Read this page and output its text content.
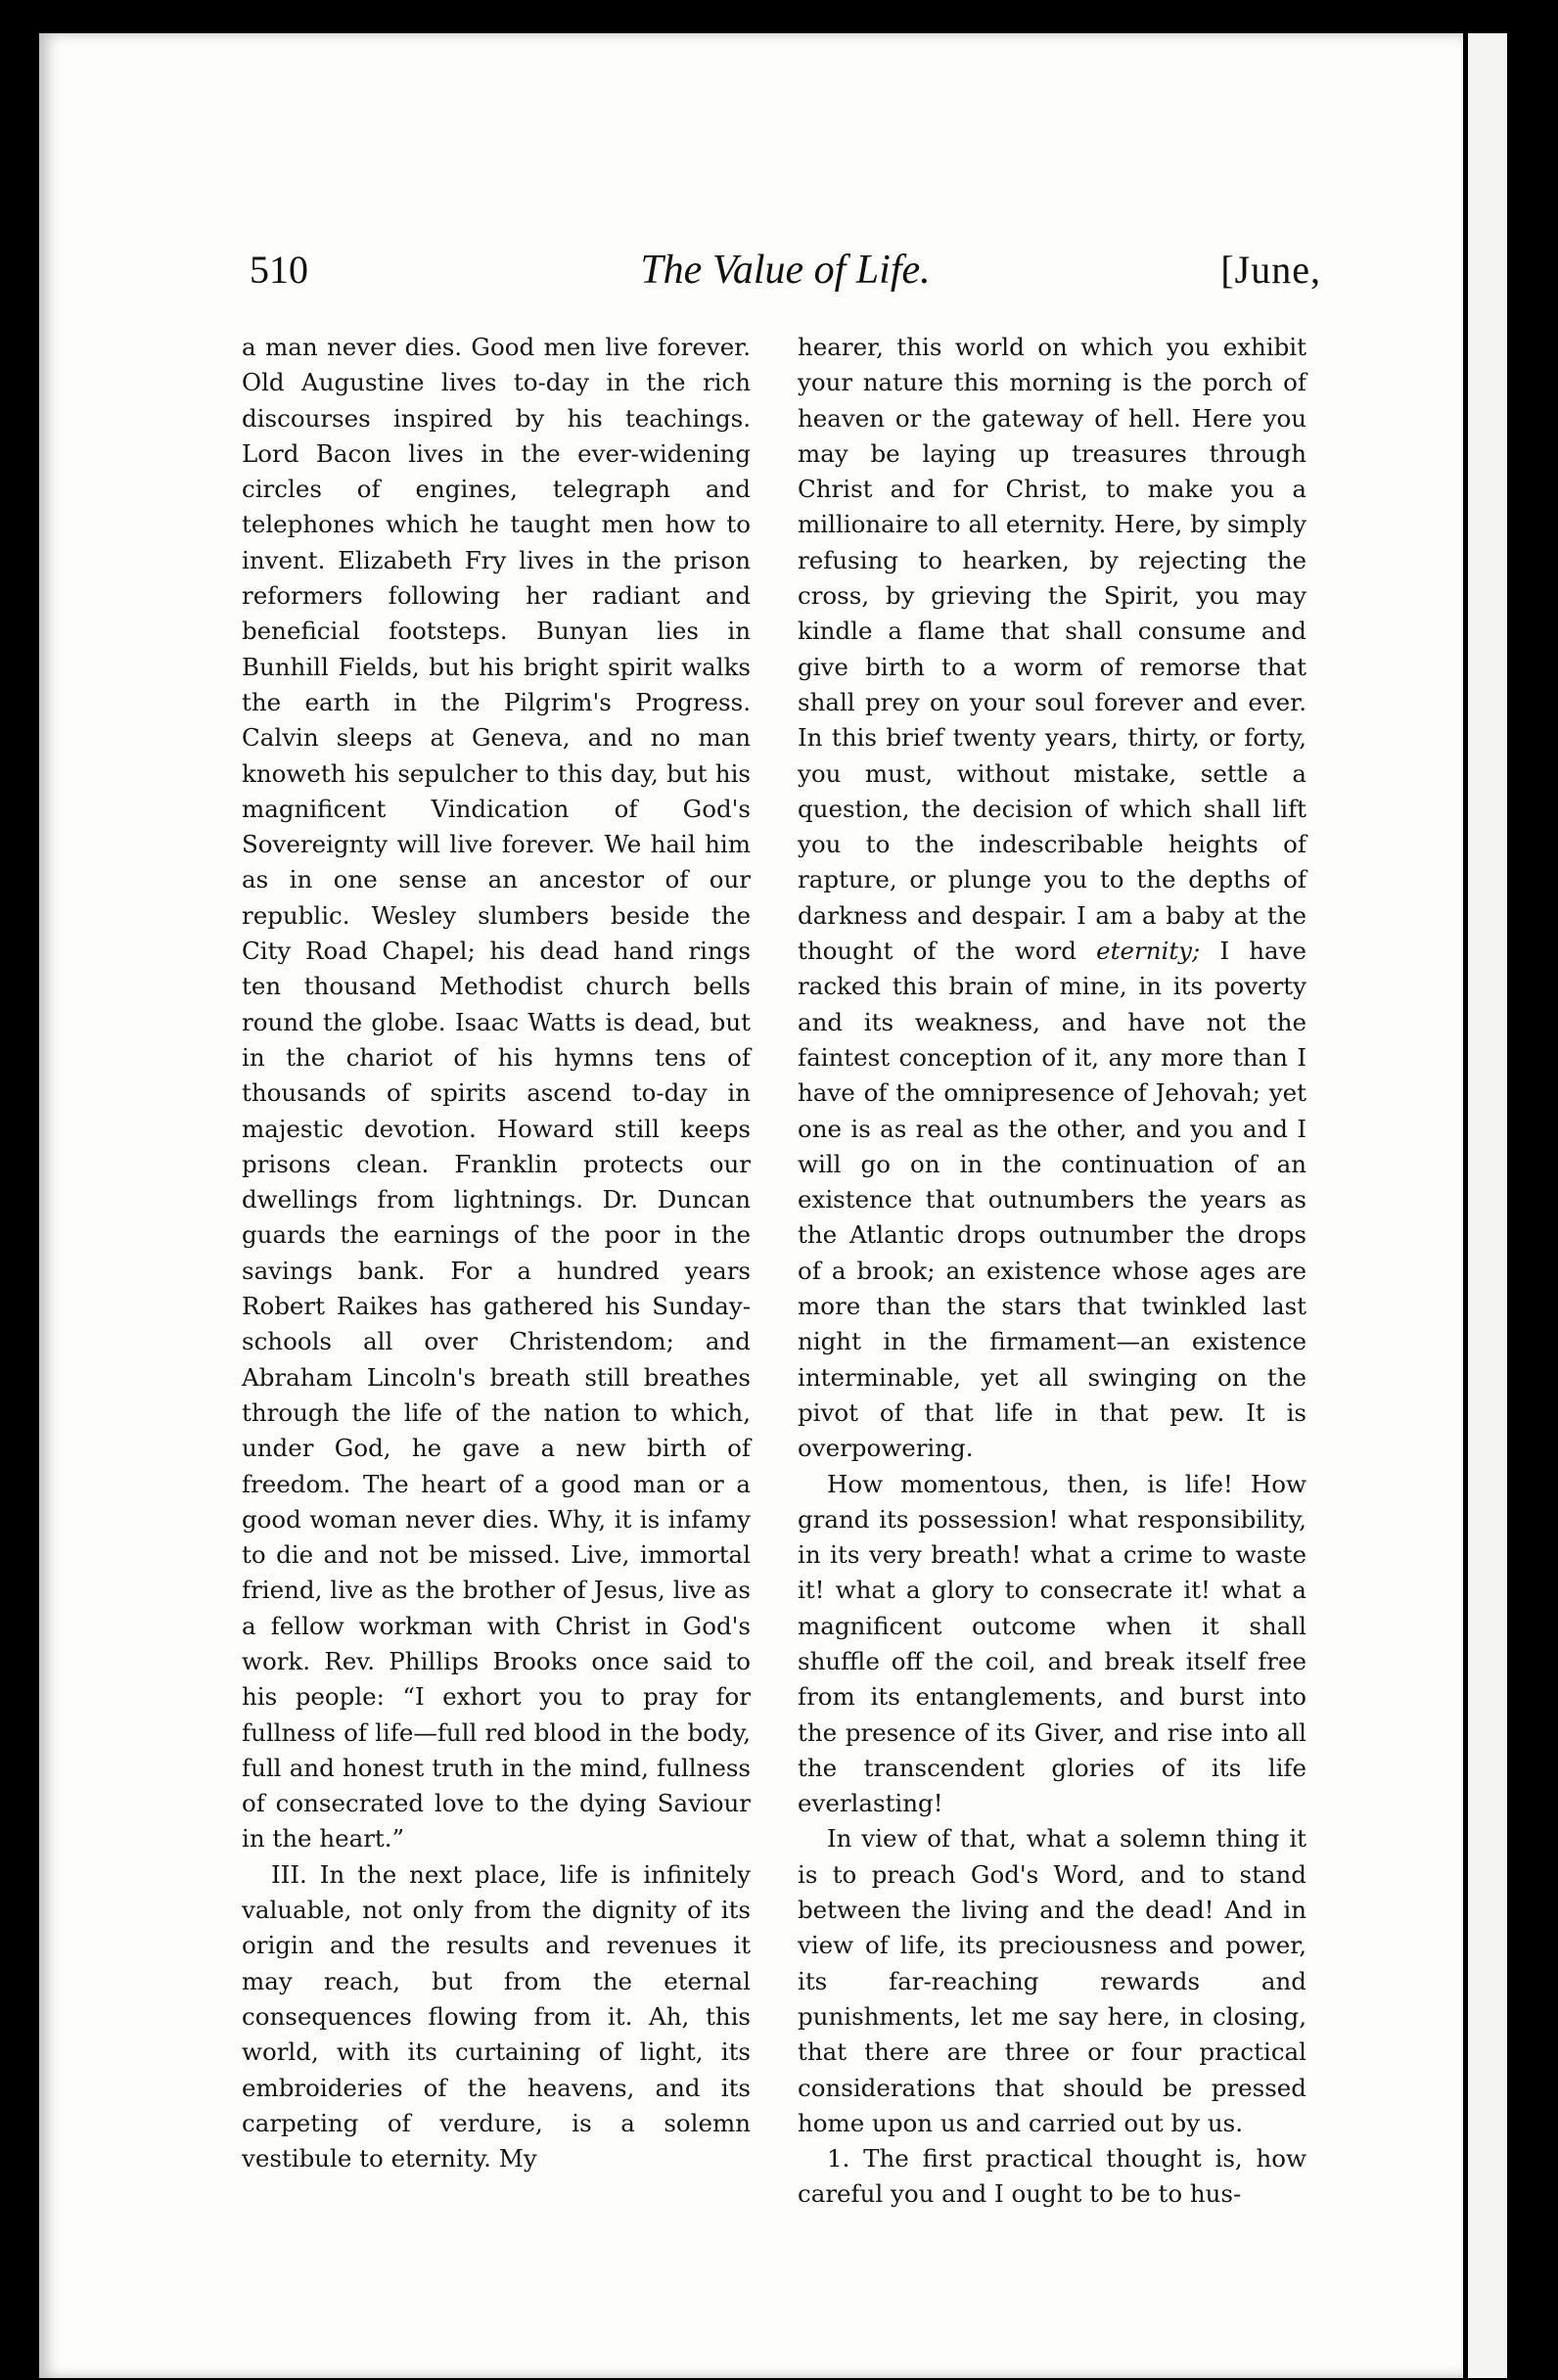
510	The Value of Life.	[June,

a man never dies. Good men live forever. Old Augustine lives to-day in the rich discourses inspired by his teachings. Lord Bacon lives in the ever-widening circles of engines, telegraph and telephones which he taught men how to invent. Elizabeth Fry lives in the prison reformers following her radiant and beneficial footsteps. Bunyan lies in Bunhill Fields, but his bright spirit walks the earth in the Pilgrim's Progress. Calvin sleeps at Geneva, and no man knoweth his sepulcher to this day, but his magnificent Vindication of God's Sovereignty will live forever. We hail him as in one sense an ancestor of our republic. Wesley slumbers beside the City Road Chapel; his dead hand rings ten thousand Methodist church bells round the globe. Isaac Watts is dead, but in the chariot of his hymns tens of thousands of spirits ascend to-day in majestic devotion. Howard still keeps prisons clean. Franklin protects our dwellings from lightnings. Dr. Duncan guards the earnings of the poor in the savings bank. For a hundred years Robert Raikes has gathered his Sunday-schools all over Christendom; and Abraham Lincoln's breath still breathes through the life of the nation to which, under God, he gave a new birth of freedom. The heart of a good man or a good woman never dies. Why, it is infamy to die and not be missed. Live, immortal friend, live as the brother of Jesus, live as a fellow workman with Christ in God's work. Rev. Phillips Brooks once said to his people: “I exhort you to pray for fullness of life—full red blood in the body, full and honest truth in the mind, fullness of consecrated love to the dying Saviour in the heart.”

III. In the next place, life is infinitely valuable, not only from the dignity of its origin and the results and revenues it may reach, but from the eternal consequences flowing from it. Ah, this world, with its curtaining of light, its embroideries of the heavens, and its carpeting of verdure, is a solemn vestibule to eternity. My

hearer, this world on which you exhibit your nature this morning is the porch of heaven or the gateway of hell. Here you may be laying up treasures through Christ and for Christ, to make you a millionaire to all eternity. Here, by simply refusing to hearken, by rejecting the cross, by grieving the Spirit, you may kindle a flame that shall consume and give birth to a worm of remorse that shall prey on your soul forever and ever. In this brief twenty years, thirty, or forty, you must, without mistake, settle a question, the decision of which shall lift you to the indescribable heights of rapture, or plunge you to the depths of darkness and despair. I am a baby at the thought of the word eternity; I have racked this brain of mine, in its poverty and its weakness, and have not the faintest conception of it, any more than I have of the omnipresence of Jehovah; yet one is as real as the other, and you and I will go on in the continuation of an existence that outnumbers the years as the Atlantic drops outnumber the drops of a brook; an existence whose ages are more than the stars that twinkled last night in the firmament—an existence interminable, yet all swinging on the pivot of that life in that pew. It is overpowering.

How momentous, then, is life! How grand its possession! what responsibility, in its very breath! what a crime to waste it! what a glory to consecrate it! what a magnificent outcome when it shall shuffle off the coil, and break itself free from its entanglements, and burst into the presence of its Giver, and rise into all the transcendent glories of its life everlasting!

In view of that, what a solemn thing it is to preach God's Word, and to stand between the living and the dead! And in view of life, its preciousness and power, its far-reaching rewards and punishments, let me say here, in closing, that there are three or four practical considerations that should be pressed home upon us and carried out by us.

1. The first practical thought is, how careful you and I ought to be to hus-
